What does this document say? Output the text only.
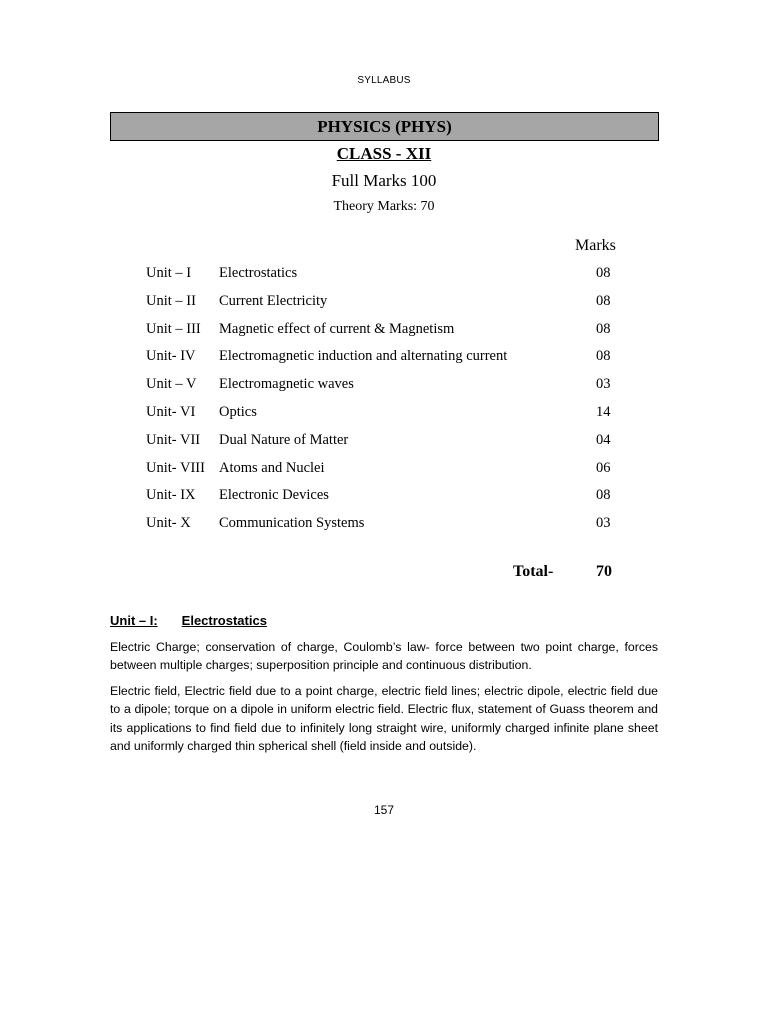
SYLLABUS
PHYSICS (PHYS)
CLASS - XII
Full Marks 100
Theory Marks: 70
Marks
Unit – I Electrostatics	08
Unit – II Current Electricity	08
Unit – III Magnetic effect of current & Magnetism	08
Unit- IV Electromagnetic induction and alternating current	08
Unit – V Electromagnetic waves	03
Unit- VI Optics	14
Unit- VII Dual Nature of Matter	04
Unit- VIII Atoms and Nuclei	06
Unit- IX Electronic Devices	08
Unit- X Communication Systems	03
Total-	70
Unit – I: Electrostatics

Electric Charge; conservation of charge, Coulomb’s law- force between two point charge, forces between multiple charges; superposition principle and continuous distribution.

Electric field, Electric field due to a point charge, electric field lines; electric dipole, electric field due to a dipole; torque on a dipole in uniform electric field. Electric flux, statement of Guass theorem and its applications to find field due to infinitely long straight wire, uniformly charged infinite plane sheet and uniformly charged thin spherical shell (field inside and outside).

157
